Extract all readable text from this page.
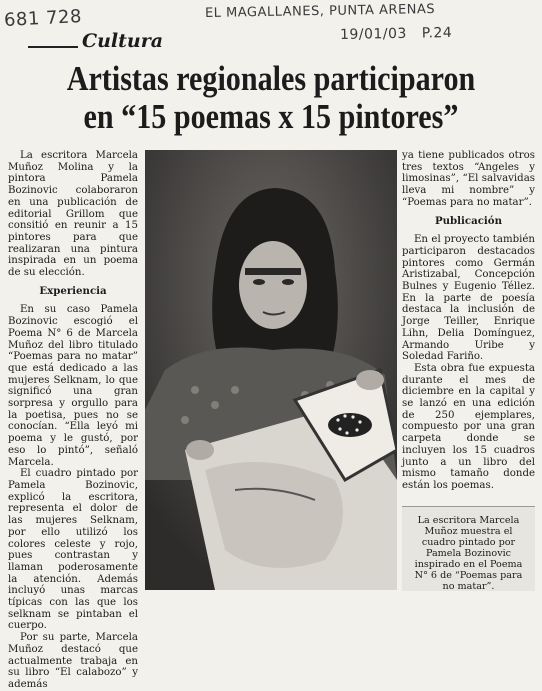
681 728	EL MAGALLANES, PUNTA ARENAS
19/01/03 P.24
Cultura
Artistas regionales participaron
en “15 poemas x 15 pintores”

La escritora Marcela Muñoz Molina y la pintora Pamela Bozinovic colaboraron en una publicación de editorial Grillom que consitió en reunir a 15 pintores para que realizaran una pintura inspirada en un poema de su elección.

Experiencia

En su caso Pamela Bozinovic escogió el Poema N° 6 de Marcela Muñoz del libro titulado “Poemas para no matar” que está dedicado a las mujeres Selknam, lo que significó una gran sorpresa y orgullo para la poetisa, pues no se conocían. “Ella leyó mi poema y le gustó, por eso lo pintó”, señaló Marcela.

El cuadro pintado por Pamela Bozinovic, explicó la escritora, representa el dolor de las mujeres Selknam, por ello utilizó los colores celeste y rojo, pues contrastan y llaman poderosamente la atención. Además incluyó unas marcas típicas con las que los selknam se pintaban el cuerpo.

Por su parte, Marcela Muñoz destacó que actualmente trabaja en su libro “El calabozo” y además

ya tiene publicados otros tres textos “Angeles y limosinas”, “El salvavidas lleva mi nombre” y “Poemas para no matar”.

Publicación

En el proyecto también participaron destacados pintores como Germán Aristizabal, Concepción Bulnes y Eugenio Téllez. En la parte de poesía destaca la inclusión de Jorge Teiller, Enrique Lihn, Delia Domínguez, Armando Uribe y Soledad Fariño.

Esta obra fue expuesta durante el mes de diciembre en la capital y se lanzó en una edición de 250 ejemplares, compuesto por una gran carpeta donde se incluyen los 15 cuadros junto a un libro del mismo tamaño donde están los poemas.

La escritora Marcela Muñoz muestra el cuadro pintado por Pamela Bozinovic inspirado en el Poema N° 6 de “Poemas para no matar”.
